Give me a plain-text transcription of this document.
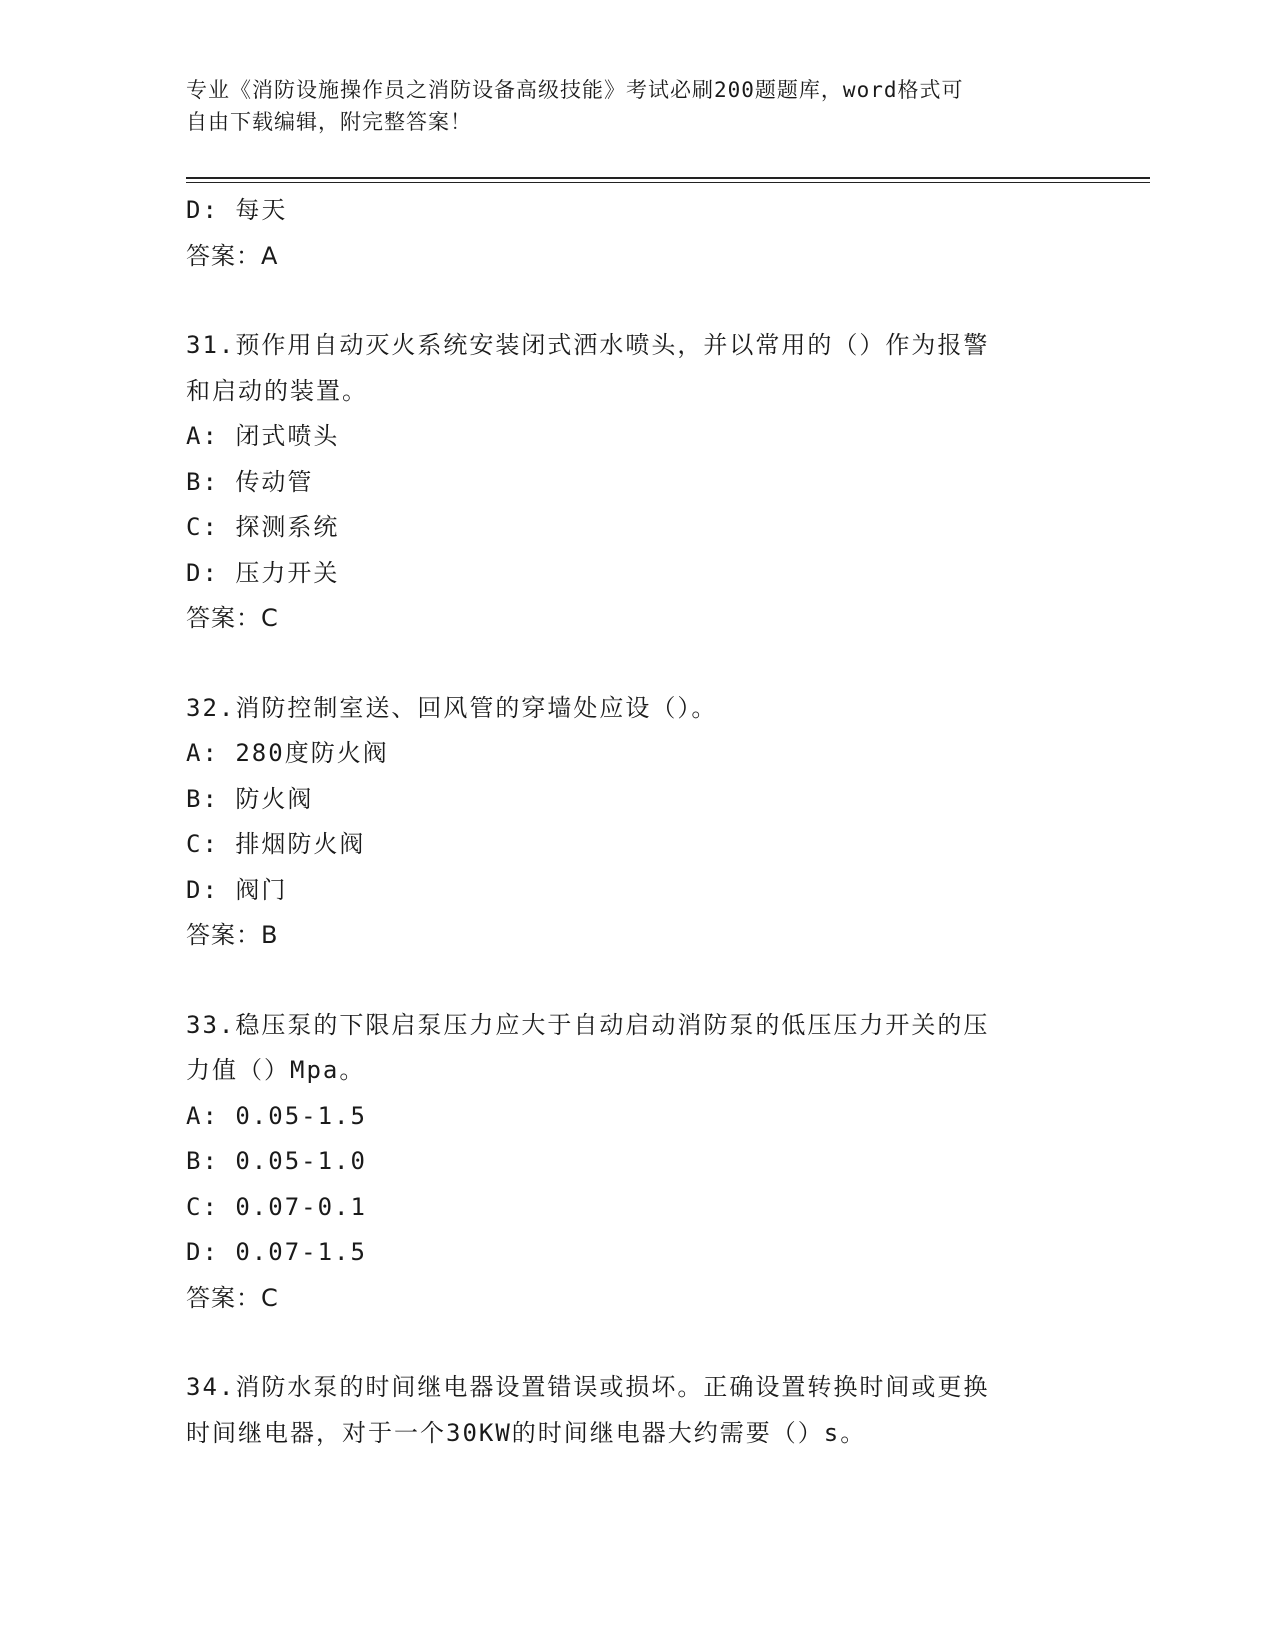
专业《消防设施操作员之消防设备高级技能》考试必刷200题题库，word格式可
自由下载编辑，附完整答案！
D: 每天
答案：A
31.预作用自动灭火系统安装闭式洒水喷头，并以常用的（）作为报警
和启动的装置。
A: 闭式喷头
B: 传动管
C: 探测系统
D: 压力开关
答案：C
32.消防控制室送、回风管的穿墙处应设（）。
A: 280度防火阀
B: 防火阀
C: 排烟防火阀
D: 阀门
答案：B
33.稳压泵的下限启泵压力应大于自动启动消防泵的低压压力开关的压
力值（）Mpa。
A: 0.05-1.5
B: 0.05-1.0
C: 0.07-0.1
D: 0.07-1.5
答案：C
34.消防水泵的时间继电器设置错误或损坏。正确设置转换时间或更换
时间继电器，对于一个30KW的时间继电器大约需要（）s。
